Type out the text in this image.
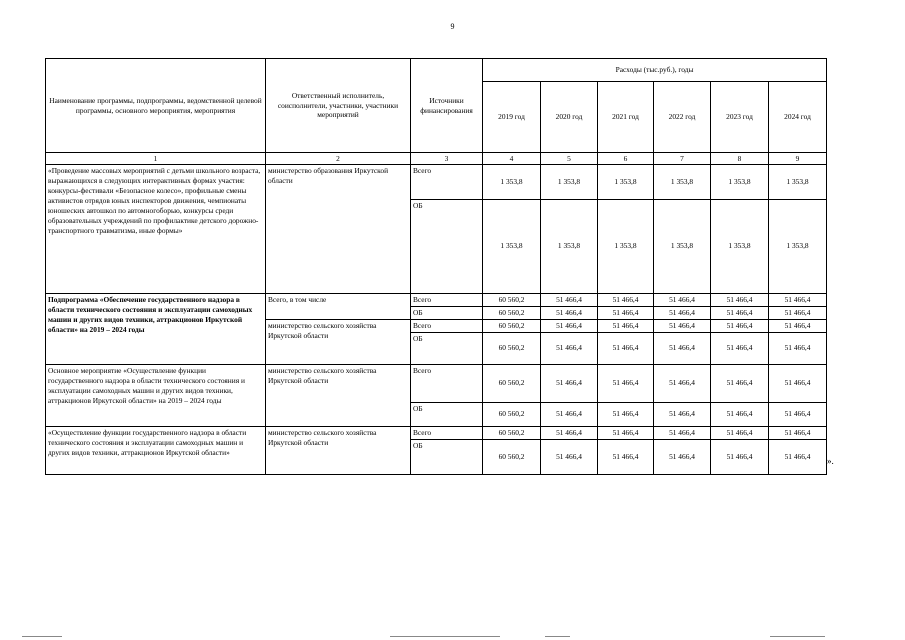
9
Наименование программы, подпрограммы, ведомственной целевой программы, основного мероприятия, мероприятия	Ответственный исполнитель, соисполнители, участники, участники мероприятий	Источники финансирования	Расходы (тыс.руб.), годы					
			2019 год	2020 год	2021 год	2022 год	2023 год	2024 год
1	2	3	4	5	6	7	8	9
«Проведение массовых мероприятий с детьми школьного возраста, выражающихся в следующих интерактивных формах участия: конкурсы-фестивали «Безопасное колесо», профильные смены активистов отрядов юных инспекторов движения, чемпионаты юношеских автошкол по автомногоборью, конкурсы среди образовательных учреждений по профилактике детского дорожно-транспортного травматизма, иные формы»	министерство образования Иркутской области	Всего	1 353,8	1 353,8	1 353,8	1 353,8	1 353,8	1 353,8
		ОБ	1 353,8	1 353,8	1 353,8	1 353,8	1 353,8	1 353,8
Подпрограмма «Обеспечение государственного надзора в области технического состояния и эксплуатации самоходных машин и других видов техники, аттракционов Иркутской области» на 2019 – 2024 годы	Всего, в том числе	Всего	60 560,2	51 466,4	51 466,4	51 466,4	51 466,4	51 466,4
		ОБ	60 560,2	51 466,4	51 466,4	51 466,4	51 466,4	51 466,4
	министерство сельского хозяйства Иркутской области	Всего	60 560,2	51 466,4	51 466,4	51 466,4	51 466,4	51 466,4
		ОБ	60 560,2	51 466,4	51 466,4	51 466,4	51 466,4	51 466,4
Основное мероприятие «Осуществление функции государственного надзора в области технического состояния и эксплуатации самоходных машин и других видов техники, аттракционов Иркутской области» на 2019 – 2024 годы	министерство сельского хозяйства Иркутской области	Всего	60 560,2	51 466,4	51 466,4	51 466,4	51 466,4	51 466,4
		ОБ	60 560,2	51 466,4	51 466,4	51 466,4	51 466,4	51 466,4
«Осуществление функции государственного надзора в области технического состояния и эксплуатации самоходных машин и других видов техники, аттракционов Иркутской области»	министерство сельского хозяйства Иркутской области	Всего	60 560,2	51 466,4	51 466,4	51 466,4	51 466,4	51 466,4
		ОБ	60 560,2	51 466,4	51 466,4	51 466,4	51 466,4	51 466,4 ».
